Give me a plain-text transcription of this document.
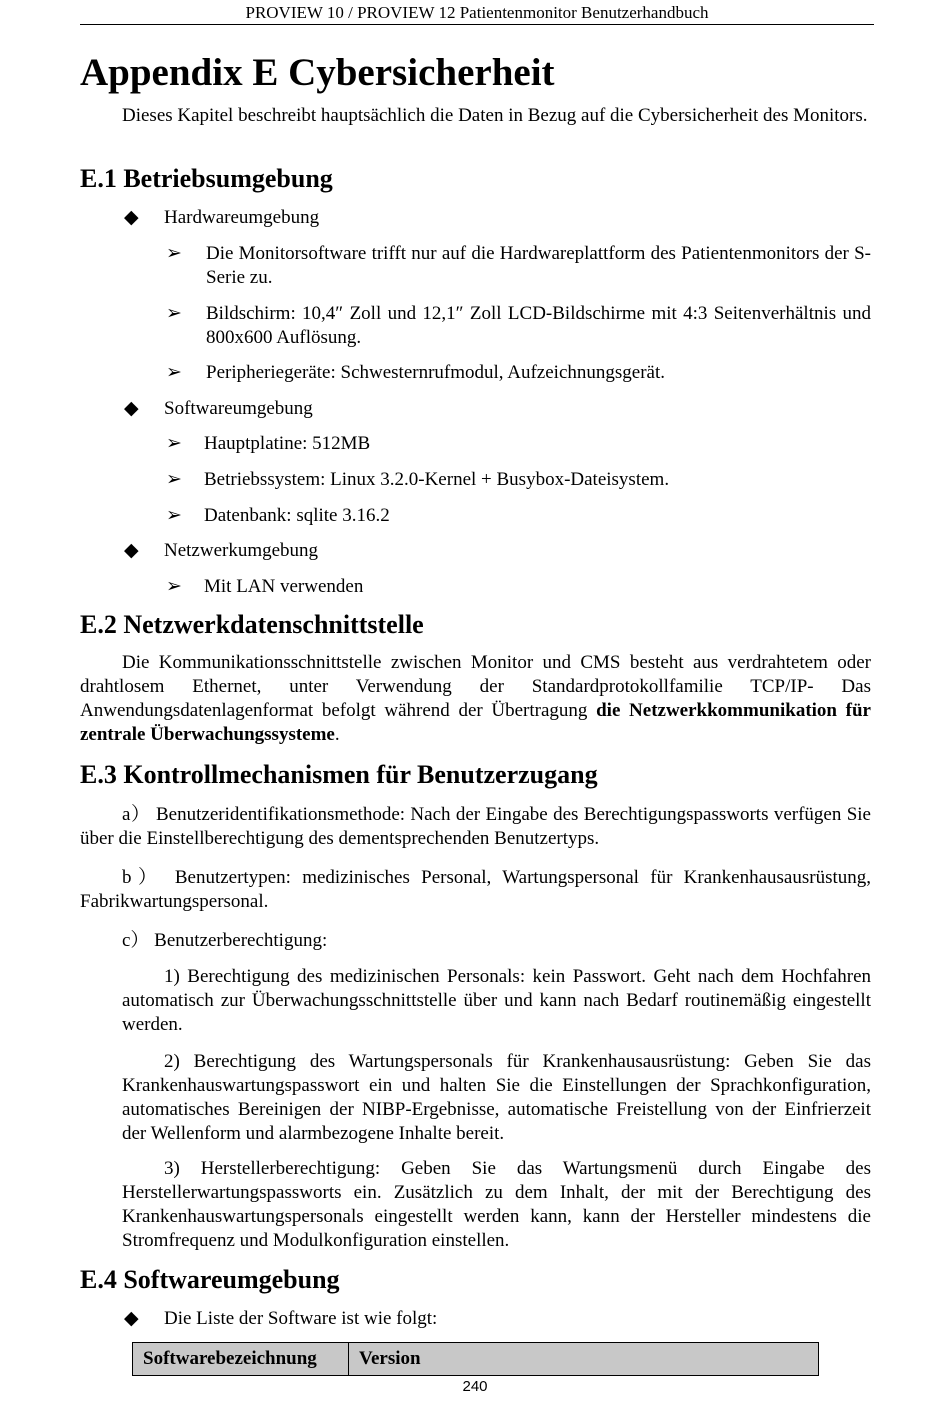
PROVIEW 10 / PROVIEW 12 Patientenmonitor Benutzerhandbuch
Appendix E Cybersicherheit

Dieses Kapitel beschreibt hauptsächlich die Daten in Bezug auf die Cybersicherheit des Monitors.

E.1 Betriebsumgebung
◆ Hardwareumgebung
➢ Die Monitorsoftware trifft nur auf die Hardwareplattform des Patientenmonitors der S-Serie zu.
➢ Bildschirm: 10,4″ Zoll und 12,1″ Zoll LCD-Bildschirme mit 4:3 Seitenverhältnis und 800x600 Auflösung.
➢ Peripheriegeräte: Schwesternrufmodul, Aufzeichnungsgerät.
◆ Softwareumgebung
➢ Hauptplatine: 512MB
➢ Betriebssystem: Linux 3.2.0-Kernel + Busybox-Dateisystem.
➢ Datenbank: sqlite 3.16.2
◆ Netzwerkumgebung
➢ Mit LAN verwenden
E.2 Netzwerkdatenschnittstelle

Die Kommunikationsschnittstelle zwischen Monitor und CMS besteht aus verdrahtetem oder drahtlosem Ethernet, unter Verwendung der Standardprotokollfamilie TCP/IP- Das Anwendungsdatenlagenformat befolgt während der Übertragung die Netzwerkkommunikation für zentrale Überwachungssysteme.

E.3 Kontrollmechanismen für Benutzerzugang

a） Benutzeridentifikationsmethode: Nach der Eingabe des Berechtigungspassworts verfügen Sie über die Einstellberechtigung des dementsprechenden Benutzertyps.

b） Benutzertypen: medizinisches Personal, Wartungspersonal für Krankenhausausrüstung, Fabrikwartungspersonal.

c） Benutzerberechtigung:

1) Berechtigung des medizinischen Personals: kein Passwort. Geht nach dem Hochfahren automatisch zur Überwachungsschnittstelle über und kann nach Bedarf routinemäßig eingestellt werden.

2) Berechtigung des Wartungspersonals für Krankenhausausrüstung: Geben Sie das Krankenhauswartungspasswort ein und halten Sie die Einstellungen der Sprachkonfiguration, automatisches Bereinigen der NIBP-Ergebnisse, automatische Freistellung von der Einfrierzeit der Wellenform und alarmbezogene Inhalte bereit.

3) Herstellerberechtigung: Geben Sie das Wartungsmenü durch Eingabe des Herstellerwartungspassworts ein. Zusätzlich zu dem Inhalt, der mit der Berechtigung des Krankenhauswartungspersonals eingestellt werden kann, kann der Hersteller mindestens die Stromfrequenz und Modulkonfiguration einstellen.

E.4 Softwareumgebung
◆ Die Liste der Software ist wie folgt:
Softwarebezeichnung	Version
240
